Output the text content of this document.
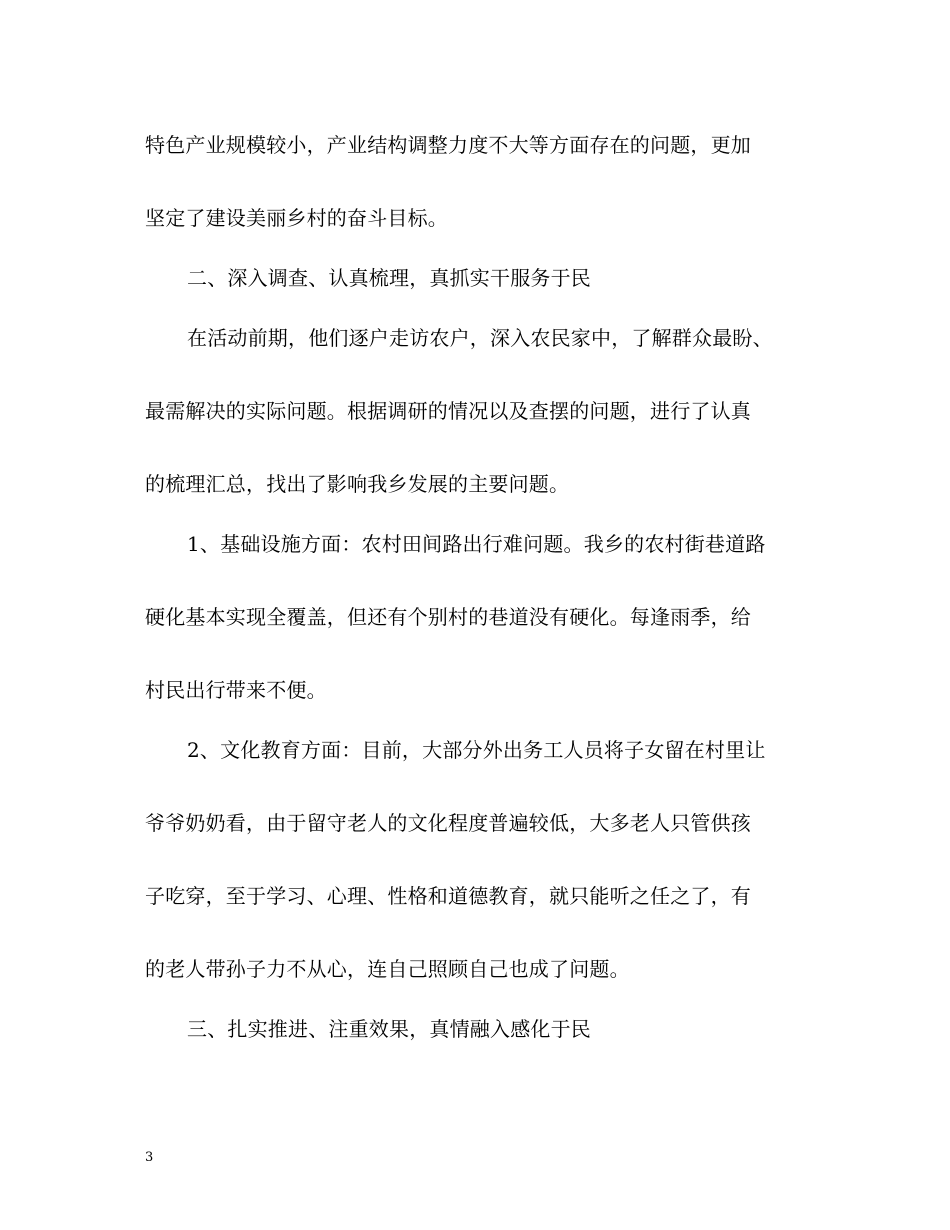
特色产业规模较小，产业结构调整力度不大等方面存在的问题，更加
坚定了建设美丽乡村的奋斗目标。
二、深入调查、认真梳理，真抓实干服务于民
在活动前期，他们逐户走访农户，深入农民家中，了解群众最盼、
最需解决的实际问题。根据调研的情况以及查摆的问题，进行了认真
的梳理汇总，找出了影响我乡发展的主要问题。
1、基础设施方面：农村田间路出行难问题。我乡的农村街巷道路
硬化基本实现全覆盖，但还有个别村的巷道没有硬化。每逢雨季，给
村民出行带来不便。
2、文化教育方面：目前，大部分外出务工人员将子女留在村里让
爷爷奶奶看，由于留守老人的文化程度普遍较低，大多老人只管供孩
子吃穿，至于学习、心理、性格和道德教育，就只能听之任之了，有
的老人带孙子力不从心，连自己照顾自己也成了问题。
三、扎实推进、注重效果，真情融入感化于民
3
